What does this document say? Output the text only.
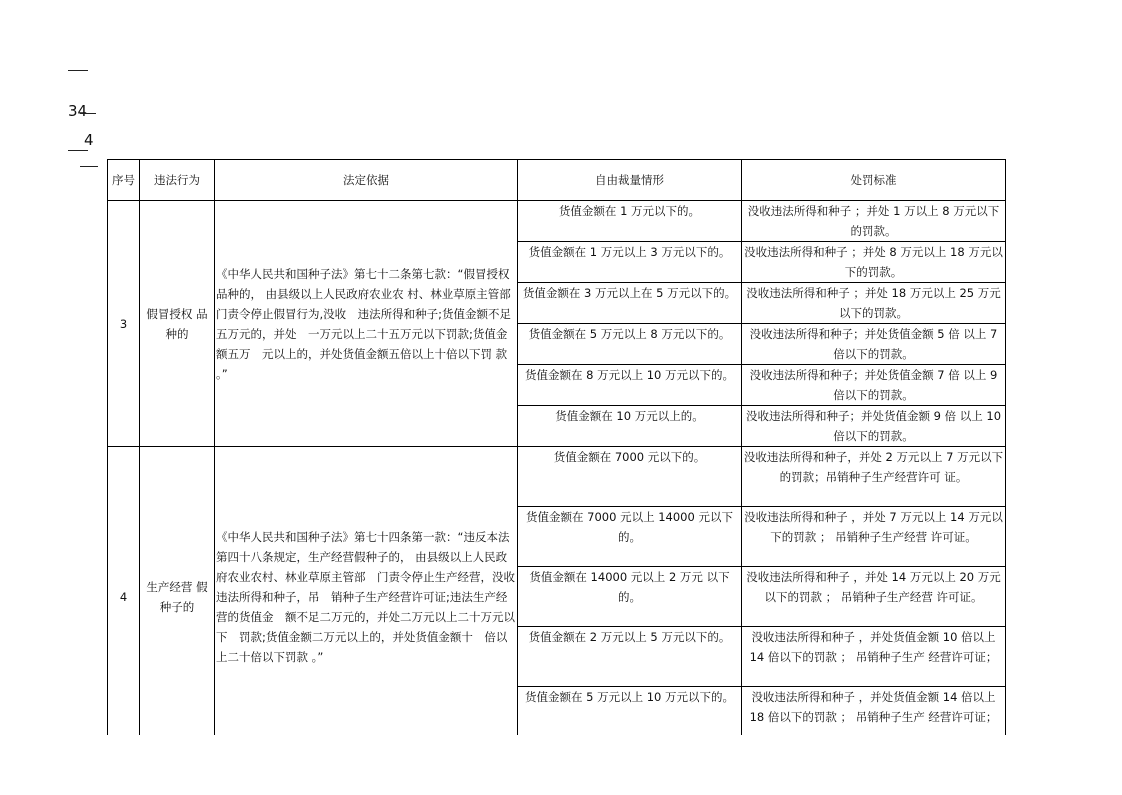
34
4
序号	违法行为	法定依据	自由裁量情形	处罚标准
3	假冒授权 品种的	《中华人民共和国种子法》第七十二条第七款：“假冒授权品种的， 由县级以上人民政府农业农 村、林业草原主管部门责令停止假冒行为,没收　违法所得和种子;货值金额不足五万元的，并处　一万元以上二十五万元以下罚款;货值金额五万　元以上的，并处货值金额五倍以上十倍以下罚 款 。”	货值金额在 1 万元以下的。	没收违法所得和种子 ；并处 1 万以上 8 万元以下的罚款。
			货值金额在 1 万元以上 3 万元以下的。	没收违法所得和种子 ；并处 8 万元以上 18 万元以下的罚款。
			货值金额在 3 万元以上在 5 万元以下的。	没收违法所得和种子 ；并处 18 万元以上 25 万元以下的罚款。
			货值金额在 5 万元以上 8 万元以下的。	没收违法所得和种子；并处货值金额 5 倍 以上 7 倍以下的罚款。
			货值金额在 8 万元以上 10 万元以下的。	没收违法所得和种子；并处货值金额 7 倍 以上 9 倍以下的罚款。
			货值金额在 10 万元以上的。	没收违法所得和种子；并处货值金额 9 倍 以上 10 倍以下的罚款。
4	生产经营 假种子的	《中华人民共和国种子法》第七十四条第一款：“违反本法第四十八条规定，生产经营假种子的， 由县级以上人民政府农业农村、林业草原主管部　门责令停止生产经营，没收违法所得和种子，吊　销种子生产经营许可证;违法生产经营的货值金　额不足二万元的，并处二万元以上二十万元以下　罚款;货值金额二万元以上的，并处货值金额十　倍以上二十倍以下罚款 。”	货值金额在 7000 元以下的。	没收违法所得和种子，并处 2 万元以上 7 万元以下的罚款；吊销种子生产经营许可 证。
			货值金额在 7000 元以上 14000 元以下的。	没收违法所得和种子 ，并处 7 万元以上 14 万元以下的罚款 ； 吊销种子生产经营 许可证。
			货值金额在 14000 元以上 2 万元 以下的。	没收违法所得和种子 ，并处 14 万元以上 20 万元以下的罚款 ； 吊销种子生产经营 许可证。
			货值金额在 2 万元以上 5 万元以下的。	没收违法所得和种子 ，并处货值金额 10 倍以上 14 倍以下的罚款 ； 吊销种子生产 经营许可证；
			货值金额在 5 万元以上 10 万元以下的。	没收违法所得和种子 ，并处货值金额 14 倍以上 18 倍以下的罚款 ； 吊销种子生产 经营许可证；
